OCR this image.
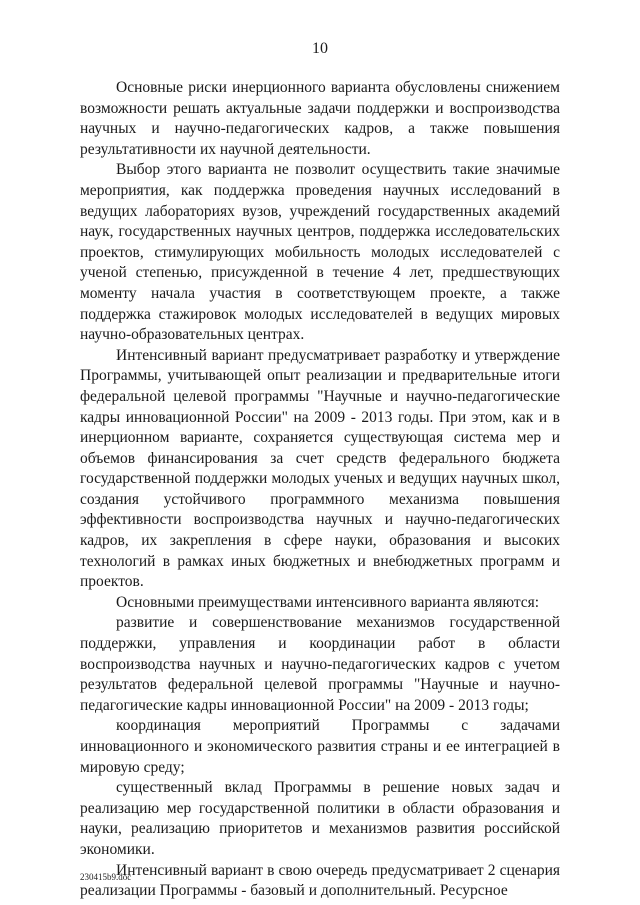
10

Основные риски инерционного варианта обусловлены снижением возможности решать актуальные задачи поддержки и воспроизводства научных и научно-педагогических кадров, а также повышения результативности их научной деятельности.

Выбор этого варианта не позволит осуществить такие значимые мероприятия, как поддержка проведения научных исследований в ведущих лабораториях вузов, учреждений государственных академий наук, государственных научных центров, поддержка исследовательских проектов, стимулирующих мобильность молодых исследователей с ученой степенью, присужденной в течение 4 лет, предшествующих моменту начала участия в соответствующем проекте, а также поддержка стажировок молодых исследователей в ведущих мировых научно-образовательных центрах.

Интенсивный вариант предусматривает разработку и утверждение Программы, учитывающей опыт реализации и предварительные итоги федеральной целевой программы "Научные и научно-педагогические кадры инновационной России" на 2009 - 2013 годы. При этом, как и в инерционном варианте, сохраняется существующая система мер и объемов финансирования за счет средств федерального бюджета государственной поддержки молодых ученых и ведущих научных школ, создания устойчивого программного механизма повышения эффективности воспроизводства научных и научно-педагогических кадров, их закрепления в сфере науки, образования и высоких технологий в рамках иных бюджетных и внебюджетных программ и проектов.

Основными преимуществами интенсивного варианта являются:

развитие и совершенствование механизмов государственной поддержки, управления и координации работ в области воспроизводства научных и научно-педагогических кадров с учетом результатов федеральной целевой программы "Научные и научно-педагогические кадры инновационной России" на 2009 - 2013 годы;

координация мероприятий Программы с задачами инновационного и экономического развития страны и ее интеграцией в мировую среду;

существенный вклад Программы в решение новых задач и реализацию мер государственной политики в области образования и науки, реализацию приоритетов и механизмов развития российской экономики.

Интенсивный вариант в свою очередь предусматривает 2 сценария реализации Программы - базовый и дополнительный. Ресурсное

230415b9.doc
